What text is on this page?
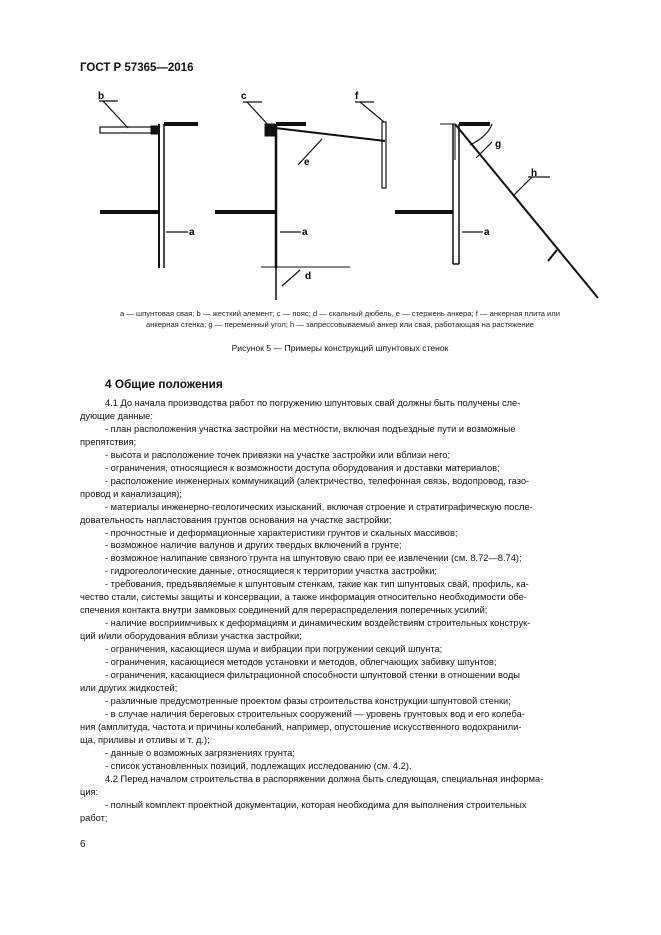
ГОСТ Р 57365—2016
b
a
c	f
e
a
d
g
h
a
a — шпунтовая свая; b — жесткий элемент; c — пояс; d — скальный дюбель, e — стержень анкера; f — анкерная плита или
анкерная стенка; g — переменный угол; h — запрессовываемый анкер или свая, работающая на растяжение
Рисунок 5 — Примеры конструкций шпунтовых стенок
4 Общие положения

4.1 До начала производства работ по погружению шпунтовых свай должны быть получены сле-

дующие данные:

- план расположения участка застройки на местности, включая подъездные пути и возможные

препятствия;

- высота и расположение точек привязки на участке застройки или вблизи него;

- ограничения, относящиеся к возможности доступа оборудования и доставки материалов;

- расположение инженерных коммуникаций (электричество, телефонная связь, водопровод, газо-

провод и канализация);

- материалы инженерно-геологических изысканий, включая строение и стратиграфическую после-

довательность напластования грунтов основания на участке застройки;

- прочностные и деформационные характеристики грунтов и скальных массивов;

- возможное наличие валунов и других твердых включений в грунте;

- возможное налипание связного грунта на шпунтовую сваю при ее извлечении (см. 8.72—8.74);

- гидрогеологические данные, относящиеся к территории участка застройки;

- требования, предъявляемые к шпунтовым стенкам, такие как тип шпунтовых свай, профиль, ка-

чество стали, системы защиты и консервации, а также информация относительно необходимости обе-

спечения контакта внутри замковых соединений для перераспределения поперечных усилий;

- наличие восприимчивых к деформациям и динамическим воздействиям строительных конструк-

ций и/или оборудования вблизи участка застройки;

- ограничения, касающиеся шума и вибрации при погружении секций шпунта;

- ограничения, касающиеся методов установки и методов, облегчающих забивку шпунтов;

- ограничения, касающиеся фильтрационной способности шпунтовой стенки в отношении воды

или других жидкостей;

- различные предусмотренные проектом фазы строительства конструкции шпунтовой стенки;

- в случае наличия береговых строительных сооружений — уровень грунтовых вод и его колеба-

ния (амплитуда, частота и причины колебаний, например, опустошение искусственного водохранили-

ща, приливы и отливы и т. д.);

- данные о возможных загрязнениях грунта;

- список установленных позиций, подлежащих исследованию (см. 4.2).

4.2 Перед началом строительства в распоряжении должна быть следующая, специальная информа-

ция:

- полный комплект проектной документации, которая необходима для выполнения строительных

работ;

6
